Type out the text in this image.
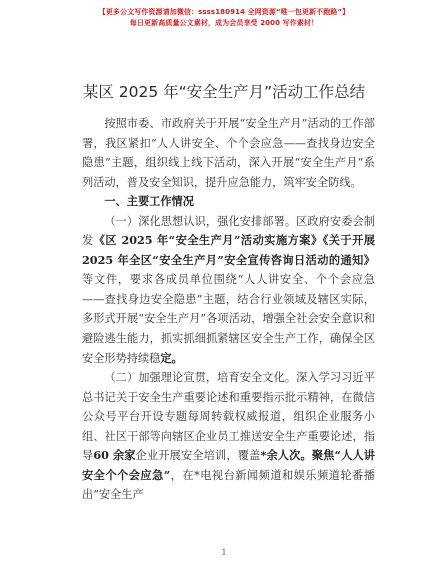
【更多公文写作资源请加微信：ssss180914 全网资源“唯一包更新不跑路”】
每日更新高质量公文素材，成为会员享受 2000 写作素材！
某区 2025 年“安全生产月”活动工作总结

按照市委、市政府关于开展“安全生产月”活动的工作部署，我区紧扣“人人讲安全、个个会应急——查找身边安全隐患”主题，组织线上线下活动，深入开展“安全生产月”系列活动，普及安全知识，提升应急能力，筑牢安全防线。

一、主要工作情况

（一）深化思想认识，强化安排部署。区政府安委会制发《区 2025 年“安全生产月”活动实施方案》《关于开展 2025 年全区“安全生产月”安全宣传咨询日活动的通知》等文件，要求各成员单位围绕“人人讲安全、个个会应急——查找身边安全隐患”主题，结合行业领域及辖区实际，多形式开展“安全生产月”各项活动，增强全社会安全意识和避险逃生能力，抓实抓细抓紧辖区安全生产工作，确保全区安全形势持续稳定。

（二）加强理论宣贯，培育安全文化。深入学习习近平总书记关于安全生产重要论述和重要指示批示精神，在微信公众号平台开设专题每周转载权威报道，组织企业服务小组、社区干部等向辖区企业员工推送安全生产重要论述，指导60 余家企业开展安全培训，覆盖*余人次。聚焦“人人讲安全个个会应急”，在*电视台新闻频道和娱乐频道轮番播出“安全生产

1
